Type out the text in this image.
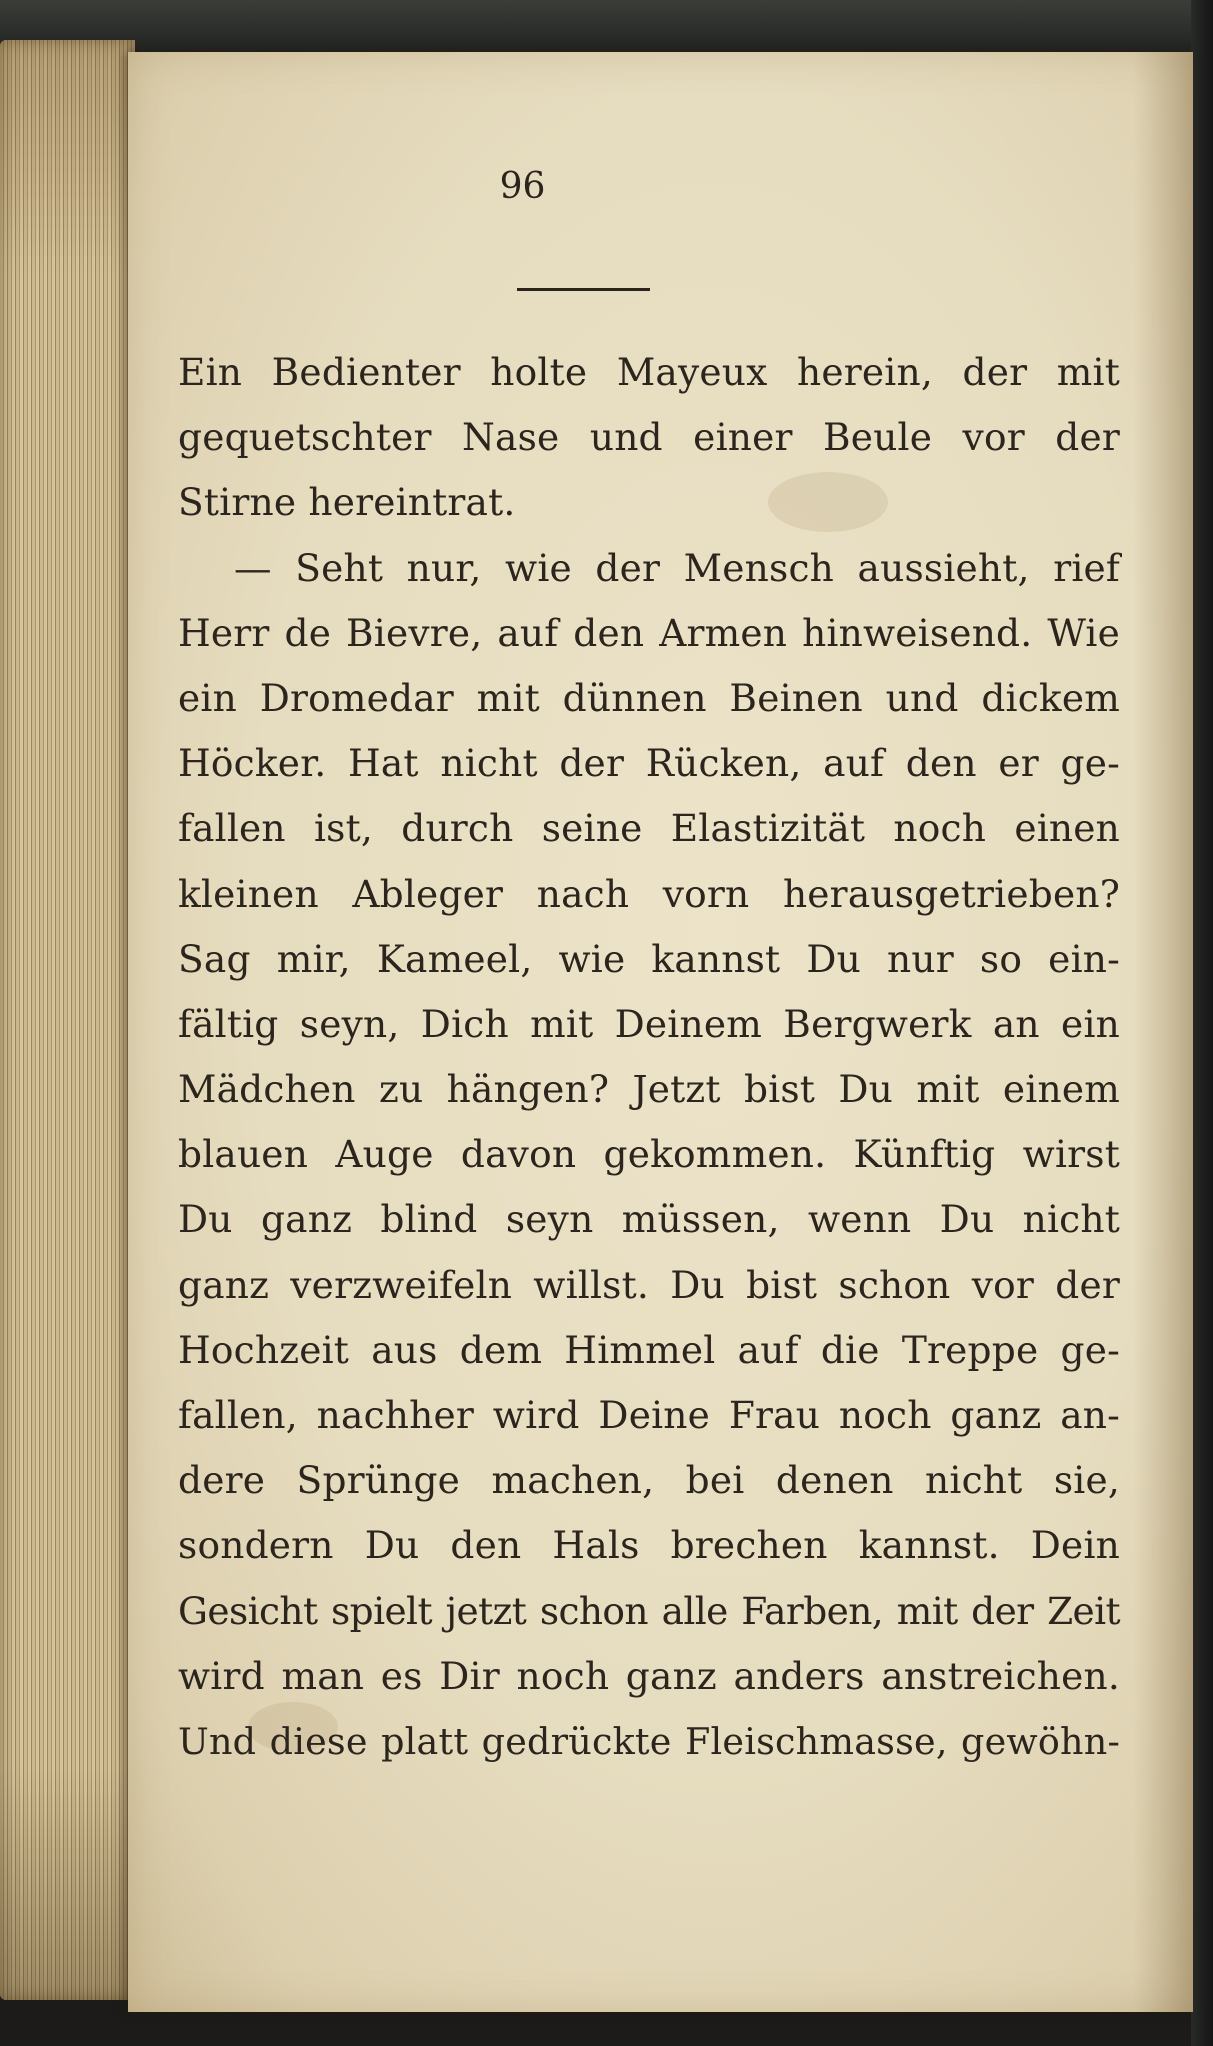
96
Ein Bedienter holte Mayeux herein, der mit
gequetschter Nase und einer Beule vor der
Stirne hereintrat.
— Seht nur, wie der Mensch aussieht, rief
Herr de Bievre, auf den Armen hinweisend. Wie
ein Dromedar mit dünnen Beinen und dickem
Höcker. Hat nicht der Rücken, auf den er ge-
fallen ist, durch seine Elastizität noch einen
kleinen Ableger nach vorn herausgetrieben?
Sag mir, Kameel, wie kannst Du nur so ein-
fältig seyn, Dich mit Deinem Bergwerk an ein
Mädchen zu hängen? Jetzt bist Du mit einem
blauen Auge davon gekommen. Künftig wirst
Du ganz blind seyn müssen, wenn Du nicht
ganz verzweifeln willst. Du bist schon vor der
Hochzeit aus dem Himmel auf die Treppe ge-
fallen, nachher wird Deine Frau noch ganz an-
dere Sprünge machen, bei denen nicht sie,
sondern Du den Hals brechen kannst. Dein
Gesicht spielt jetzt schon alle Farben, mit der Zeit
wird man es Dir noch ganz anders anstreichen.
Und diese platt gedrückte Fleischmasse, gewöhn-
